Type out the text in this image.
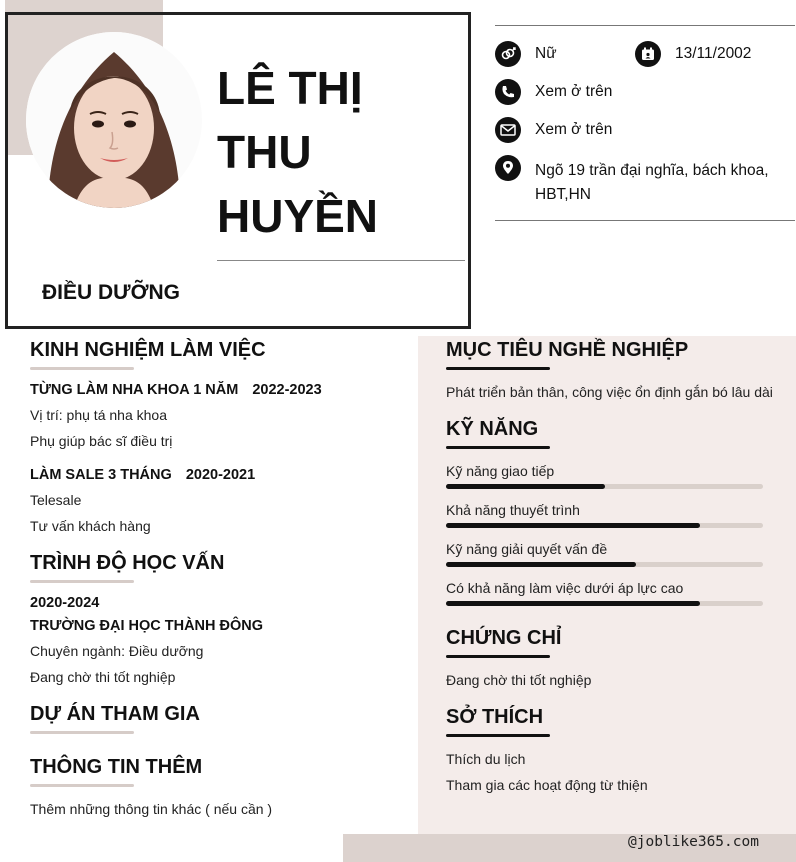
LÊ THỊ
THU
HUYỀN
ĐIỀU DƯỠNG
Nữ	13/11/2002
Xem ở trên
Xem ở trên
Ngõ 19 trần đại nghĩa, bách khoa,
HBT,HN
KINH NGHIỆM LÀM VIỆC
TỪNG LÀM NHA KHOA 1 NĂM 2022-2023
Vị trí: phụ tá nha khoa
Phụ giúp bác sĩ điều trị
LÀM SALE 3 THÁNG 2020-2021
Telesale
Tư vấn khách hàng
TRÌNH ĐỘ HỌC VẤN
2020-2024
TRƯỜNG ĐẠI HỌC THÀNH ĐÔNG
Chuyên ngành: Điều dưỡng
Đang chờ thi tốt nghiệp
DỰ ÁN THAM GIA
THÔNG TIN THÊM
Thêm những thông tin khác ( nếu cần )
MỤC TIÊU NGHỀ NGHIỆP
Phát triển bản thân, công việc ổn định gắn bó lâu dài
KỸ NĂNG
Kỹ năng giao tiếp
Khả năng thuyết trình
Kỹ năng giải quyết vấn đề
Có khả năng làm việc dưới áp lực cao
CHỨNG CHỈ
Đang chờ thi tốt nghiệp
SỞ THÍCH
Thích du lịch
Tham gia các hoạt động từ thiện
@joblike365.com
